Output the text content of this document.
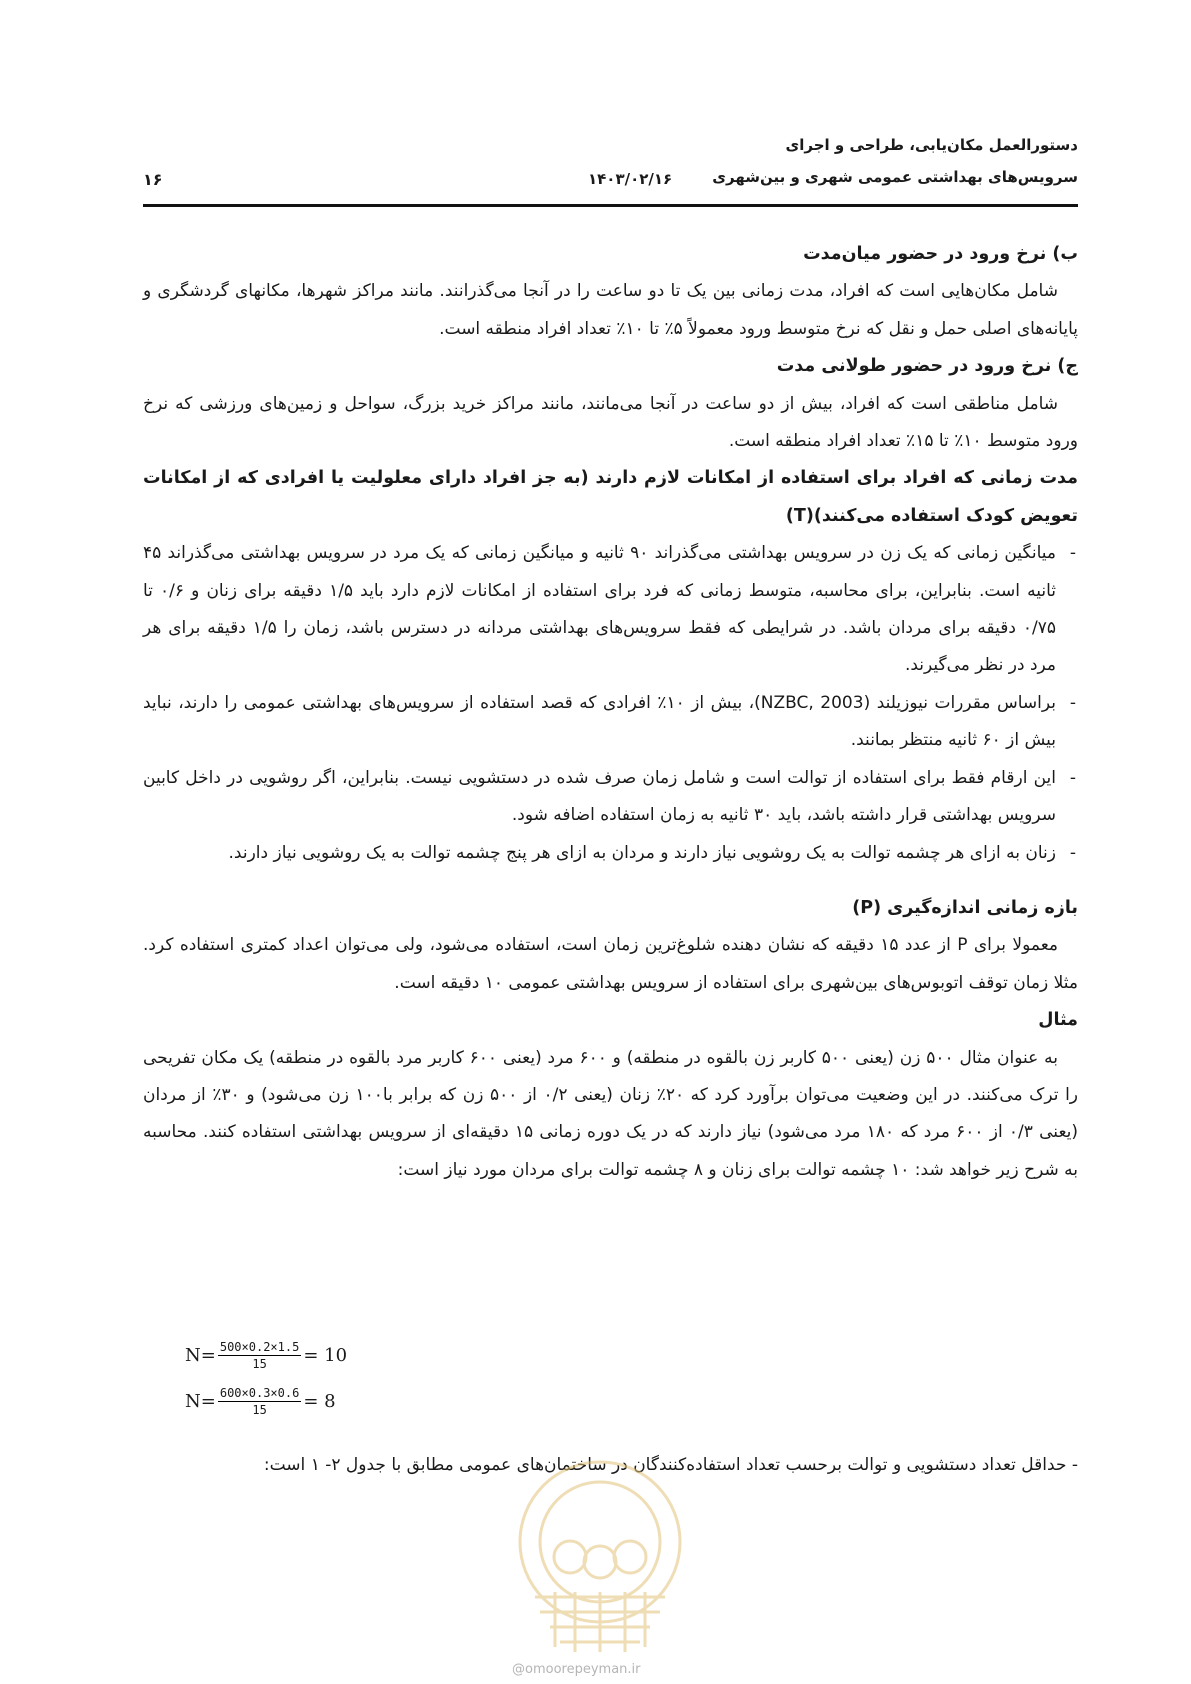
دستورالعمل مکان‌یابی، طراحی و اجرای
سرویس‌های بهداشتی عمومی شهری و بین‌شهری
۱۴۰۳/۰۲/۱۶
۱۶

ب) نرخ ورود در حضور میان‌مدت

شامل مکان‌هایی است که افراد، مدت زمانی بین یک تا دو ساعت را در آنجا می‌گذرانند. مانند مراکز شهرها، مکانهای گردشگری و پایانه‌های اصلی حمل و نقل که نرخ متوسط ورود معمولاً ۵٪ تا ۱۰٪ تعداد افراد منطقه است.

ج) نرخ ورود در حضور طولانی مدت

شامل مناطقی است که افراد، بیش از دو ساعت در آنجا می‌مانند، مانند مراکز خرید بزرگ، سواحل و زمین‌های ورزشی که نرخ ورود متوسط ۱۰٪ تا ۱۵٪ تعداد افراد منطقه است.

مدت زمانی که افراد برای استفاده از امکانات لازم دارند (به جز افراد دارای معلولیت یا افرادی که از امکانات تعویض کودک استفاده می‌کنند)(T)

- میانگین زمانی که یک زن در سرویس بهداشتی می‌گذراند ۹۰ ثانیه و میانگین زمانی که یک مرد در سرویس بهداشتی می‌گذراند ۴۵ ثانیه است. بنابراین، برای محاسبه، متوسط زمانی که فرد برای استفاده از امکانات لازم دارد باید ۱/۵ دقیقه برای زنان و ۰/۶ تا ۰/۷۵ دقیقه برای مردان باشد. در شرایطی که فقط سرویس‌های بهداشتی مردانه در دسترس باشد، زمان را ۱/۵ دقیقه برای هر مرد در نظر می‌گیرند.
- براساس مقررات نیوزیلند (NZBC, 2003)، بیش از ۱۰٪ افرادی که قصد استفاده از سرویس‌های بهداشتی عمومی را دارند، نباید بیش از ۶۰ ثانیه منتظر بمانند.
- این ارقام فقط برای استفاده از توالت است و شامل زمان صرف شده در دستشویی نیست. بنابراین، اگر روشویی در داخل کابین سرویس بهداشتی قرار داشته باشد، باید ۳۰ ثانیه به زمان استفاده اضافه شود.
- زنان به ازای هر چشمه توالت به یک روشویی نیاز دارند و مردان به ازای هر پنج چشمه توالت به یک روشویی نیاز دارند.

بازه زمانی اندازه‌گیری (P)

معمولا برای P از عدد ۱۵ دقیقه که نشان دهنده شلوغ‌ترین زمان است، استفاده می‌شود، ولی می‌توان اعداد کمتری استفاده کرد. مثلا زمان توقف اتوبوس‌های بین‌شهری برای استفاده از سرویس بهداشتی عمومی ۱۰ دقیقه است.

مثال

به عنوان مثال ۵۰۰ زن (یعنی ۵۰۰ کاربر زن بالقوه در منطقه) و ۶۰۰ مرد (یعنی ۶۰۰ کاربر مرد بالقوه در منطقه) یک مکان تفریحی را ترک می‌کنند. در این وضعیت می‌توان برآورد کرد که ۲۰٪ زنان (یعنی ۰/۲ از ۵۰۰ زن که برابر با۱۰۰ زن می‌شود) و ۳۰٪ از مردان (یعنی ۰/۳ از ۶۰۰ مرد که ۱۸۰ مرد می‌شود) نیاز دارند که در یک دوره زمانی ۱۵ دقیقه‌ای از سرویس بهداشتی استفاده کنند. محاسبه به شرح زیر خواهد شد: ۱۰ چشمه توالت برای زنان و ۸ چشمه توالت برای مردان مورد نیاز است:

$N= \frac{500\times 0.2\times 1.5}{15} = 10$
$N= \frac{600\times 0.3\times 0.6}{15} = 8$

- حداقل تعداد دستشویی و توالت برحسب تعداد استفاده‌کنندگان در ساختمان‌های عمومی مطابق با جدول ۲- ۱ است:

@omoorepeyman.ir
